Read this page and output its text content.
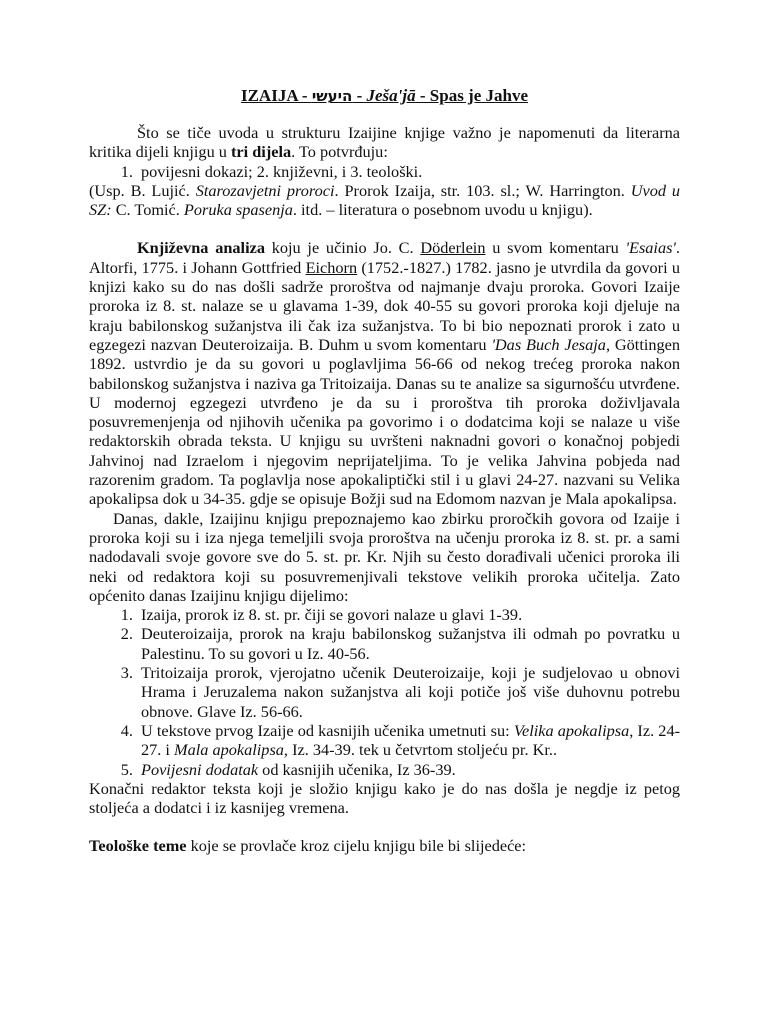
IZAIJA - היעשי - Ješa'jā - Spas je Jahve

Što se tiče uvoda u strukturu Izaijine knjige važno je napomenuti da literarna kritika dijeli knjigu u tri dijela. To potvrđuju:

1. povijesni dokazi; 2. književni, i 3. teološki.

(Usp. B. Lujić. Starozavjetni proroci. Prorok Izaija, str. 103. sl.; W. Harrington. Uvod u SZ: C. Tomić. Poruka spasenja. itd. – literatura o posebnom uvodu u knjigu).

Književna analiza koju je učinio Jo. C. Döderlein u svom komentaru 'Esaias'. Altorfi, 1775. i Johann Gottfried Eichorn (1752.-1827.) 1782. jasno je utvrdila da govori u knjizi kako su do nas došli sadrže proroštva od najmanje dvaju proroka. Govori Izaije proroka iz 8. st. nalaze se u glavama 1-39, dok 40-55 su govori proroka koji djeluje na kraju babilonskog sužanjstva ili čak iza sužanjstva. To bi bio nepoznati prorok i zato u egzegezi nazvan Deuteroizaija. B. Duhm u svom komentaru 'Das Buch Jesaja, Göttingen 1892. ustvrdio je da su govori u poglavljima 56-66 od nekog trećeg proroka nakon babilonskog sužanjstva i naziva ga Tritoizaija. Danas su te analize sa sigurnošću utvrđene. U modernoj egzegezi utvrđeno je da su i proroštva tih proroka doživljavala posuvremenjenja od njihovih učenika pa govorimo i o dodatcima koji se nalaze u više redaktorskih obrada teksta. U knjigu su uvršteni naknadni govori o konačnoj pobjedi Jahvinoj nad Izraelom i njegovim neprijateljima. To je velika Jahvina pobjeda nad razorenim gradom. Ta poglavlja nose apokaliptički stil i u glavi 24-27. nazvani su Velika apokalipsa dok u 34-35. gdje se opisuje Božji sud na Edomom nazvan je Mala apokalipsa.

Danas, dakle, Izaijinu knjigu prepoznajemo kao zbirku proročkih govora od Izaije i proroka koji su i iza njega temeljili svoja proroštva na učenju proroka iz 8. st. pr. a sami nadodavali svoje govore sve do 5. st. pr. Kr. Njih su često dorađivali učenici proroka ili neki od redaktora koji su posuvremenjivali tekstove velikih proroka učitelja. Zato općenito danas Izaijinu knjigu dijelimo:

1. Izaija, prorok iz 8. st. pr. čiji se govori nalaze u glavi 1-39.
2. Deuteroizaija, prorok na kraju babilonskog sužanjstva ili odmah po povratku u Palestinu. To su govori u Iz. 40-56.
3. Tritoizaija prorok, vjerojatno učenik Deuteroizaije, koji je sudjelovao u obnovi Hrama i Jeruzalema nakon sužanjstva ali koji potiče još više duhovnu potrebu obnove. Glave Iz. 56-66.
4. U tekstove prvog Izaije od kasnijih učenika umetnuti su: Velika apokalipsa, Iz. 24-27. i Mala apokalipsa, Iz. 34-39. tek u četvrtom stoljeću pr. Kr..
5. Povijesni dodatak od kasnijih učenika, Iz 36-39.

Konačni redaktor teksta koji je složio knjigu kako je do nas došla je negdje iz petog stoljeća a dodatci i iz kasnijeg vremena.

Teološke teme koje se provlače kroz cijelu knjigu bile bi slijedeće:
